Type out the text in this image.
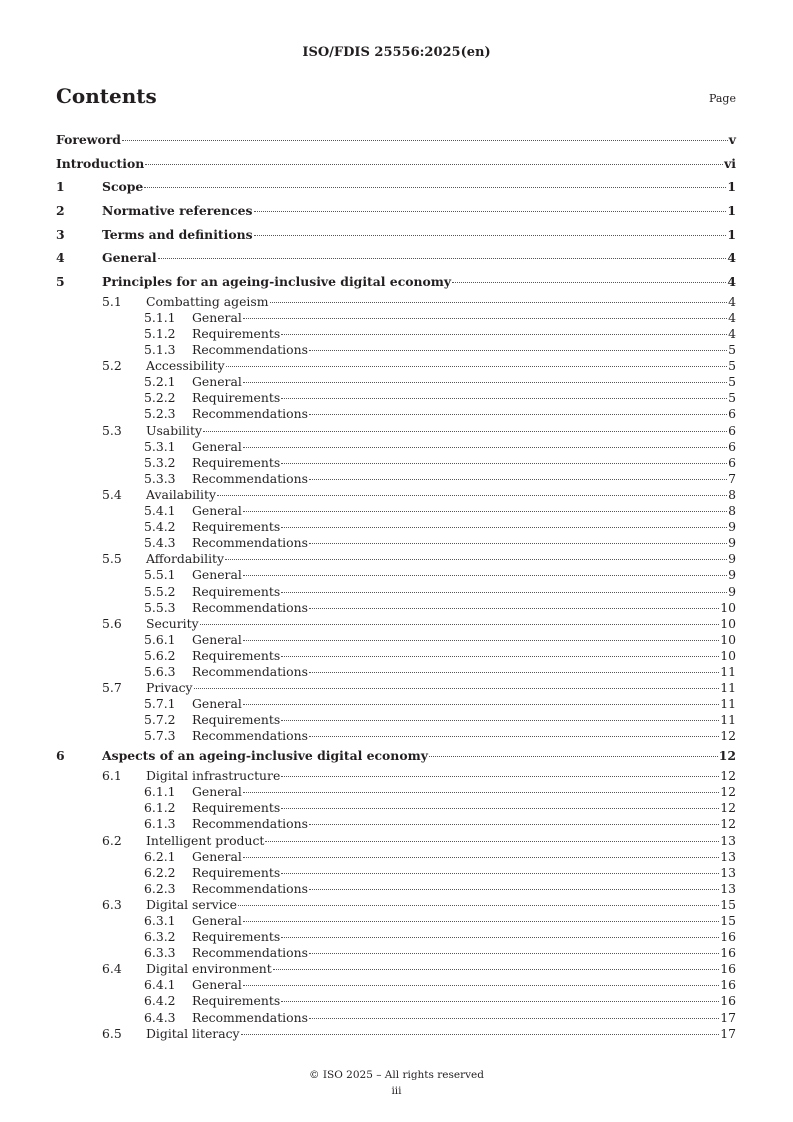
ISO/FDIS 25556:2025(en)
Contents	Page
Foreword	v
Introduction	vi
1	Scope	1
2	Normative references	1
3	Terms and definitions	1
4	General	4
5	Principles for an ageing-inclusive digital economy	4
5.1	Combatting ageism	4
5.1.1	General	4
5.1.2	Requirements	4
5.1.3	Recommendations	5
5.2	Accessibility	5
5.2.1	General	5
5.2.2	Requirements	5
5.2.3	Recommendations	6
5.3	Usability	6
5.3.1	General	6
5.3.2	Requirements	6
5.3.3	Recommendations	7
5.4	Availability	8
5.4.1	General	8
5.4.2	Requirements	9
5.4.3	Recommendations	9
5.5	Affordability	9
5.5.1	General	9
5.5.2	Requirements	9
5.5.3	Recommendations	10
5.6	Security	10
5.6.1	General	10
5.6.2	Requirements	10
5.6.3	Recommendations	11
5.7	Privacy	11
5.7.1	General	11
5.7.2	Requirements	11
5.7.3	Recommendations	12
6	Aspects of an ageing-inclusive digital economy	12
6.1	Digital infrastructure	12
6.1.1	General	12
6.1.2	Requirements	12
6.1.3	Recommendations	12
6.2	Intelligent product	13
6.2.1	General	13
6.2.2	Requirements	13
6.2.3	Recommendations	13
6.3	Digital service	15
6.3.1	General	15
6.3.2	Requirements	16
6.3.3	Recommendations	16
6.4	Digital environment	16
6.4.1	General	16
6.4.2	Requirements	16
6.4.3	Recommendations	17
6.5	Digital literacy	17
© ISO 2025 – All rights reserved
iii
